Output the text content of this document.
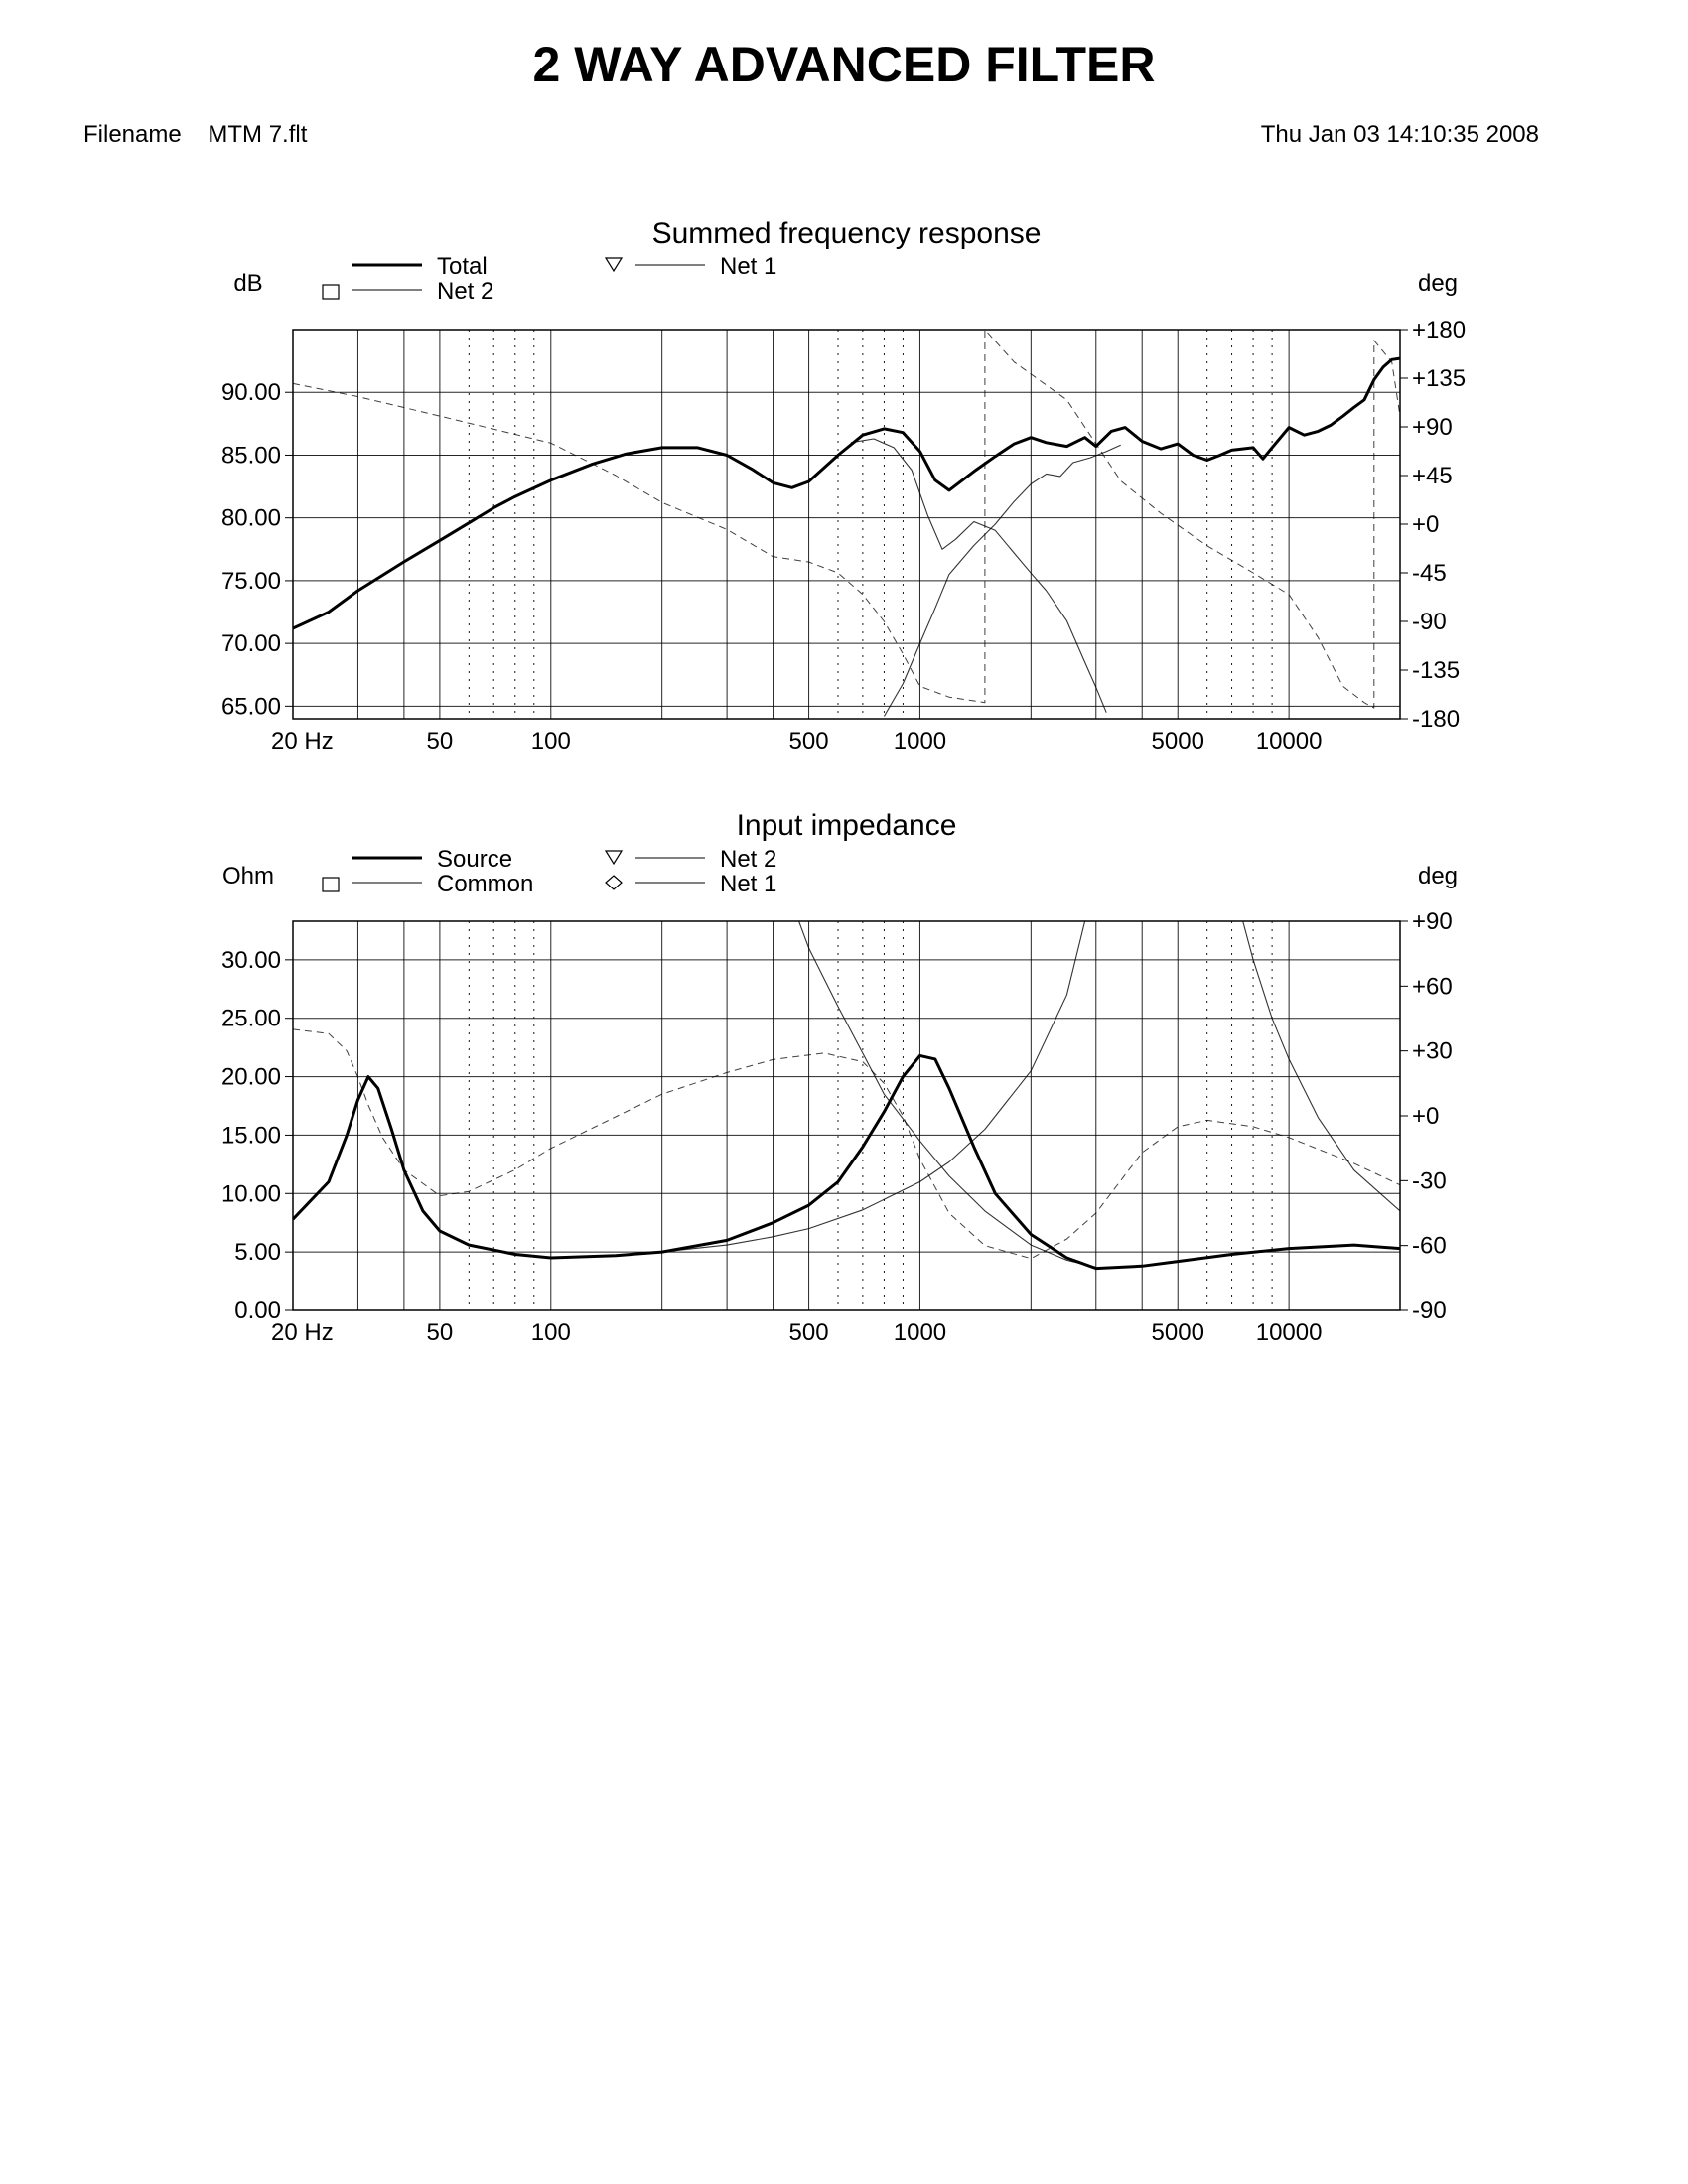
2 WAY ADVANCED FILTER
Filename MTM 7.flt	Thu Jan 03 14:10:35 2008
Summed frequency response
65.00
70.00
75.00
80.00
85.00
90.00
-180
-135
-90
-45
+0
+45
+90
+135
+180
20 Hz	50	100	500	1000	5000 10000
dB	deg
Total
Net 2
Net 1
Input impedance
0.00
5.00
10.00
15.00
20.00
25.00
30.00
-90
-60
-30
+0
+30
+60
+90
20 Hz	50	100	500	1000	5000 10000
Ohm	deg
Source
Common
Net 2
Net 1
